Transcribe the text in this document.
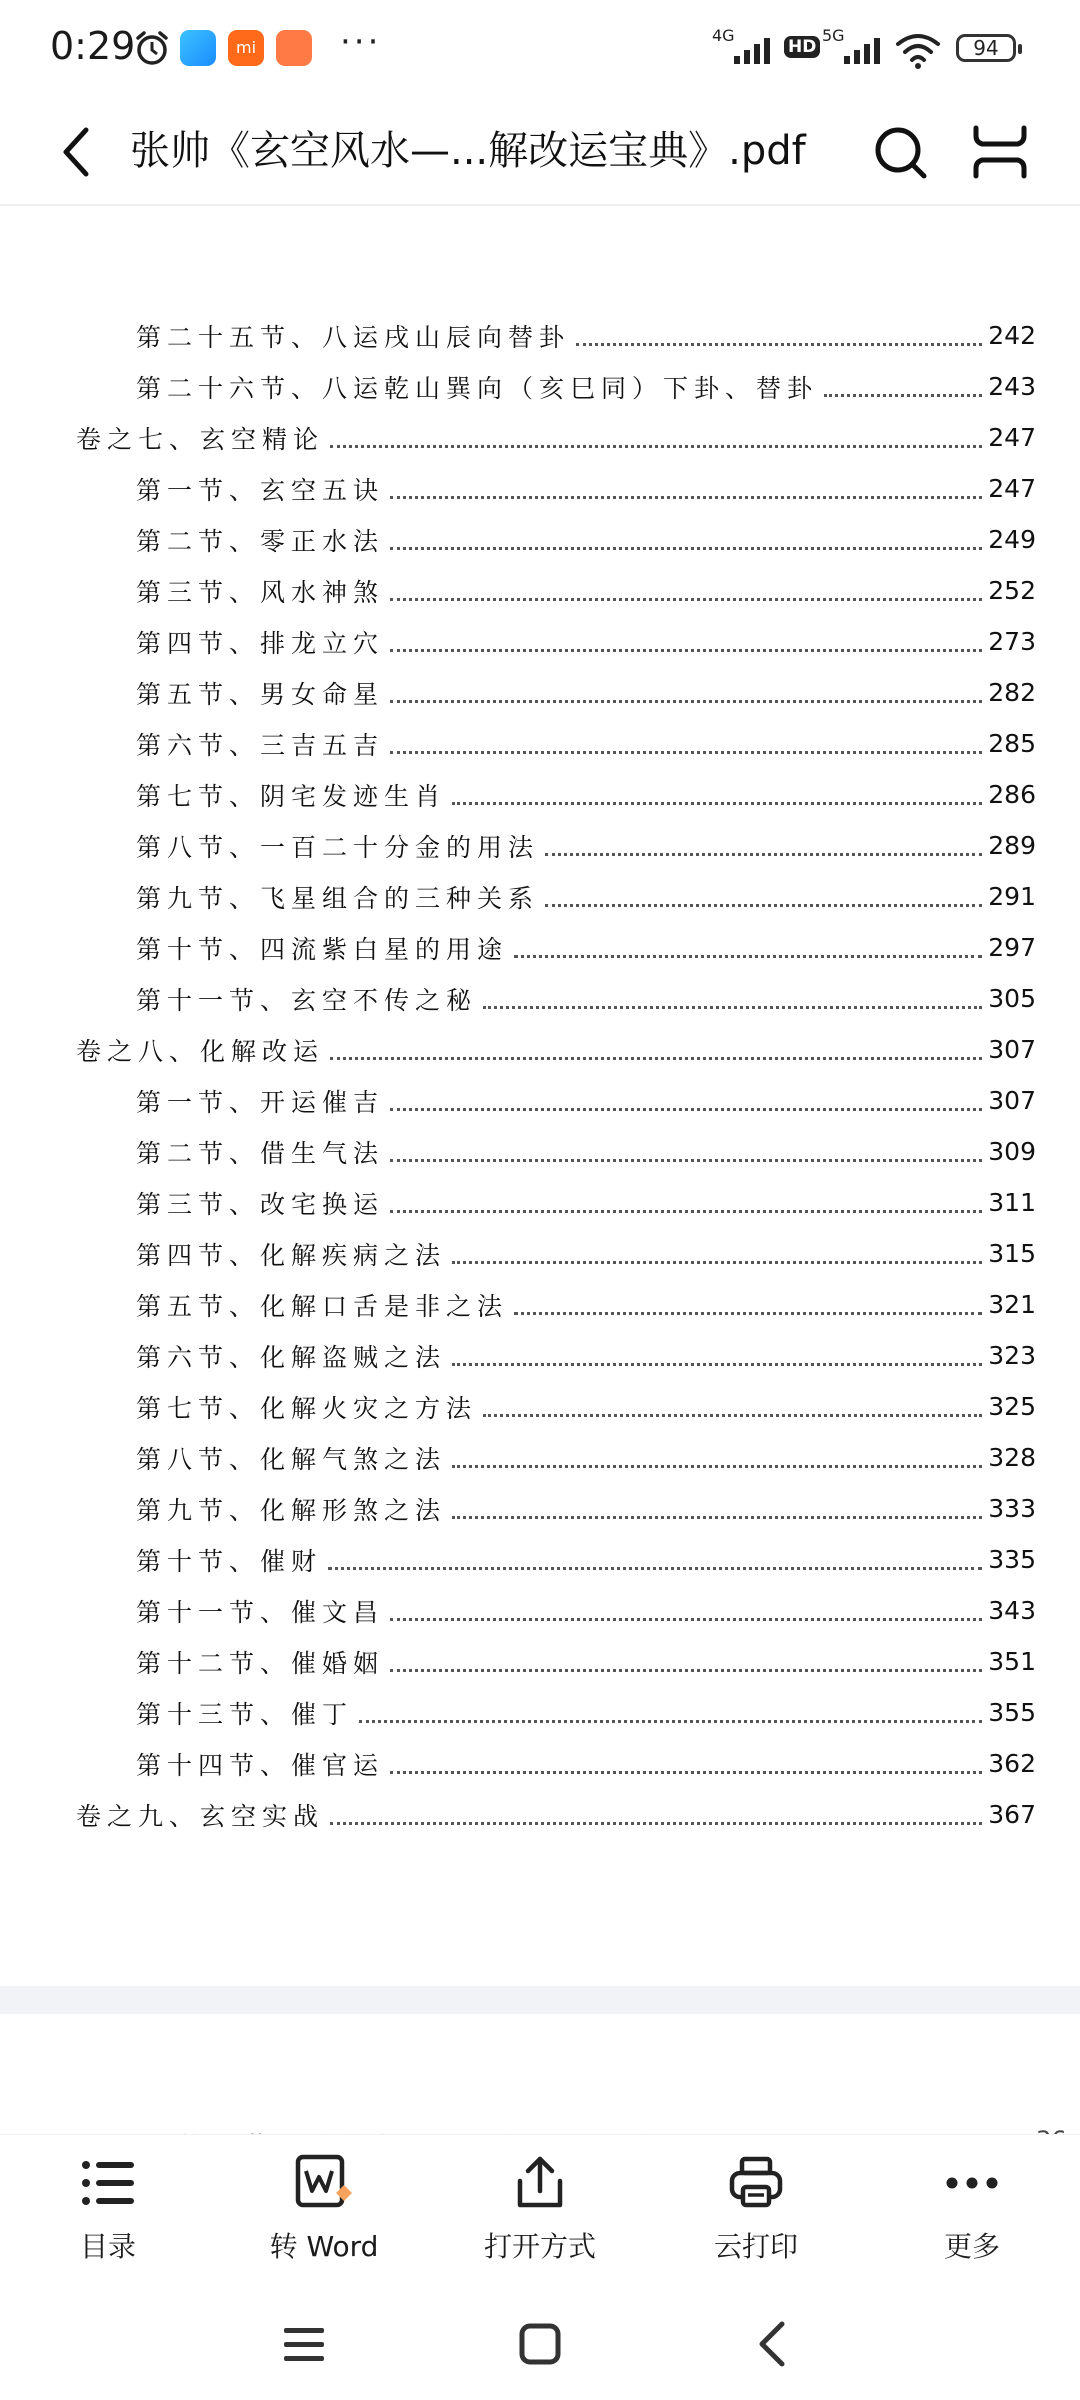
0:29	mi ···	4G
HD
5G
94
张帅《玄空风水—...解改运宝典》.pdf
第二十五节、八运戌山辰向替卦	242
第二十六节、八运乾山巽向（亥巳同）下卦、替卦	243
卷之七、玄空精论	247
第一节、玄空五诀	247
第二节、零正水法	249
第三节、风水神煞	252
第四节、排龙立穴	273
第五节、男女命星	282
第六节、三吉五吉	285
第七节、阴宅发迹生肖	286
第八节、一百二十分金的用法	289
第九节、飞星组合的三种关系	291
第十节、四流紫白星的用途	297
第十一节、玄空不传之秘	305
卷之八、化解改运	307
第一节、开运催吉	307
第二节、借生气法	309
第三节、改宅换运	311
第四节、化解疾病之法	315
第五节、化解口舌是非之法	321
第六节、化解盗贼之法	323
第七节、化解火灾之方法	325
第八节、化解气煞之法	328
第九节、化解形煞之法	333
第十节、催财	335
第十一节、催文昌	343
第十二节、催婚姻	351
第十三节、催丁	355
第十四节、催官运	362
卷之九、玄空实战	367
目录	转 Word	打开方式	云打印	更多
